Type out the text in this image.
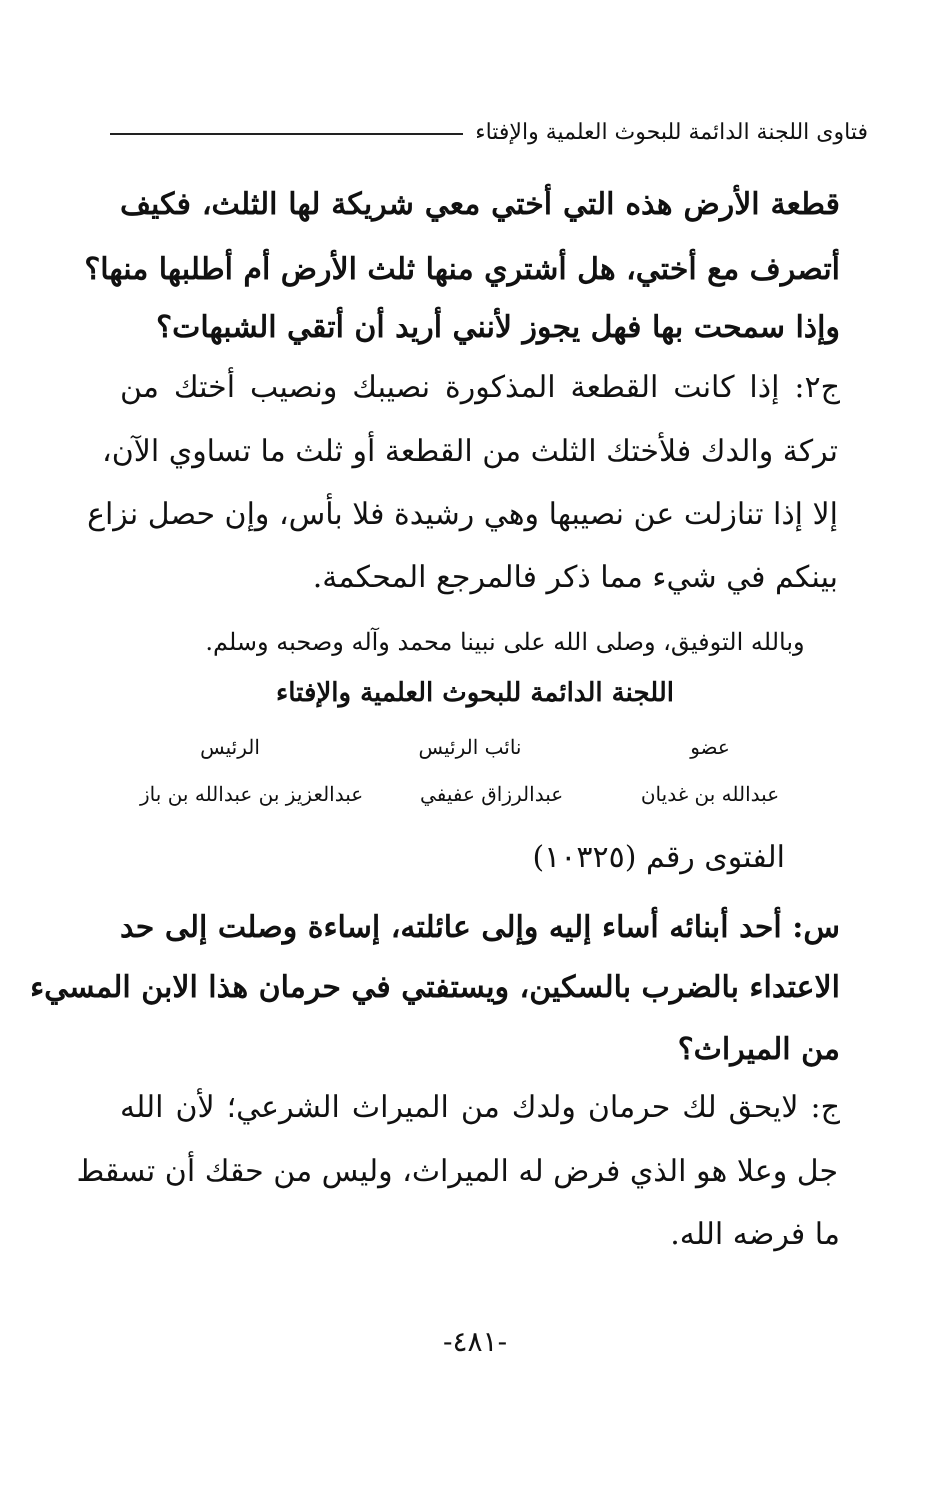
فتاوى اللجنة الدائمة للبحوث العلمية والإفتاء
قطعة الأرض هذه التي أختي معي شريكة لها الثلث، فكيف
أتصرف مع أختي، هل أشتري منها ثلث الأرض أم أطلبها منها؟
وإذا سمحت بها فهل يجوز لأنني أريد أن أتقي الشبهات؟
ج٢: إذا كانت القطعة المذكورة نصيبك ونصيب أختك من
تركة والدك فلأختك الثلث من القطعة أو ثلث ما تساوي الآن،
إلا إذا تنازلت عن نصيبها وهي رشيدة فلا بأس، وإن حصل نزاع
بينكم في شيء مما ذكر فالمرجع المحكمة.
وبالله التوفيق، وصلى الله على نبينا محمد وآله وصحبه وسلم.
اللجنة الدائمة للبحوث العلمية والإفتاء
عضو
نائب الرئيس
الرئيس
عبدالله بن غديان
عبدالرزاق عفيفي
عبدالعزيز بن عبدالله بن باز
الفتوى رقم (١٠٣٢٥)
س: أحد أبنائه أساء إليه وإلى عائلته، إساءة وصلت إلى حد
الاعتداء بالضرب بالسكين، ويستفتي في حرمان هذا الابن المسيء
من الميراث؟
ج: لايحق لك حرمان ولدك من الميراث الشرعي؛ لأن الله
جل وعلا هو الذي فرض له الميراث، وليس من حقك أن تسقط
ما فرضه الله.
-٤٨١-
